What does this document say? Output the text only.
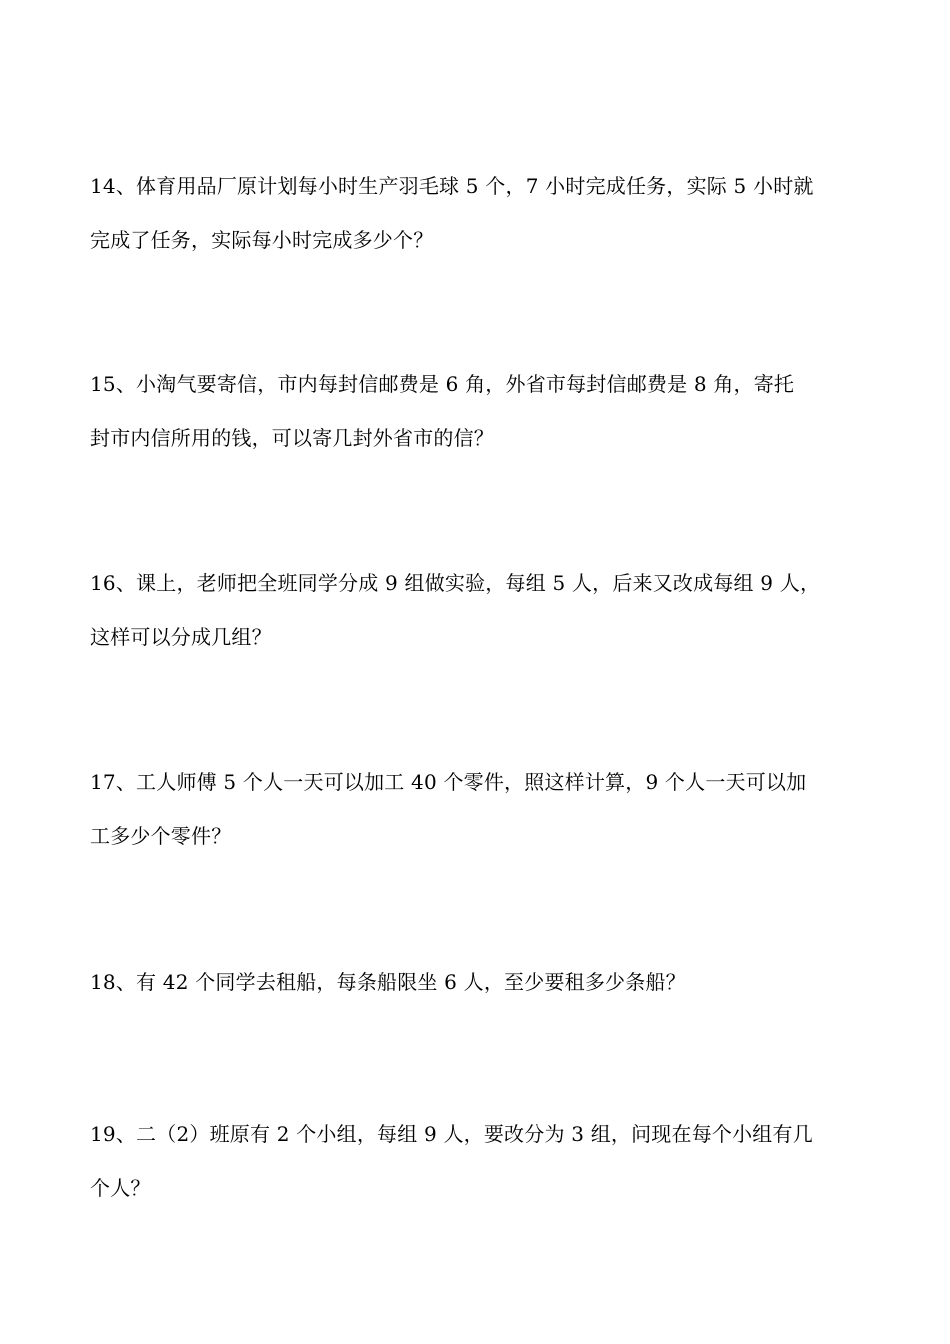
14、体育用品厂原计划每小时生产羽毛球 5 个，7 小时完成任务，实际 5 小时就
完成了任务，实际每小时完成多少个？
15、小淘气要寄信，市内每封信邮费是 6 角，外省市每封信邮费是 8 角，寄托
封市内信所用的钱，可以寄几封外省市的信？
16、课上，老师把全班同学分成 9 组做实验，每组 5 人，后来又改成每组 9 人，
这样可以分成几组？
17、工人师傅 5 个人一天可以加工 40 个零件，照这样计算，9 个人一天可以加
工多少个零件？
18、有 42 个同学去租船，每条船限坐 6 人，至少要租多少条船？
19、二（2）班原有 2 个小组，每组 9 人，要改分为 3 组，问现在每个小组有几
个人？
